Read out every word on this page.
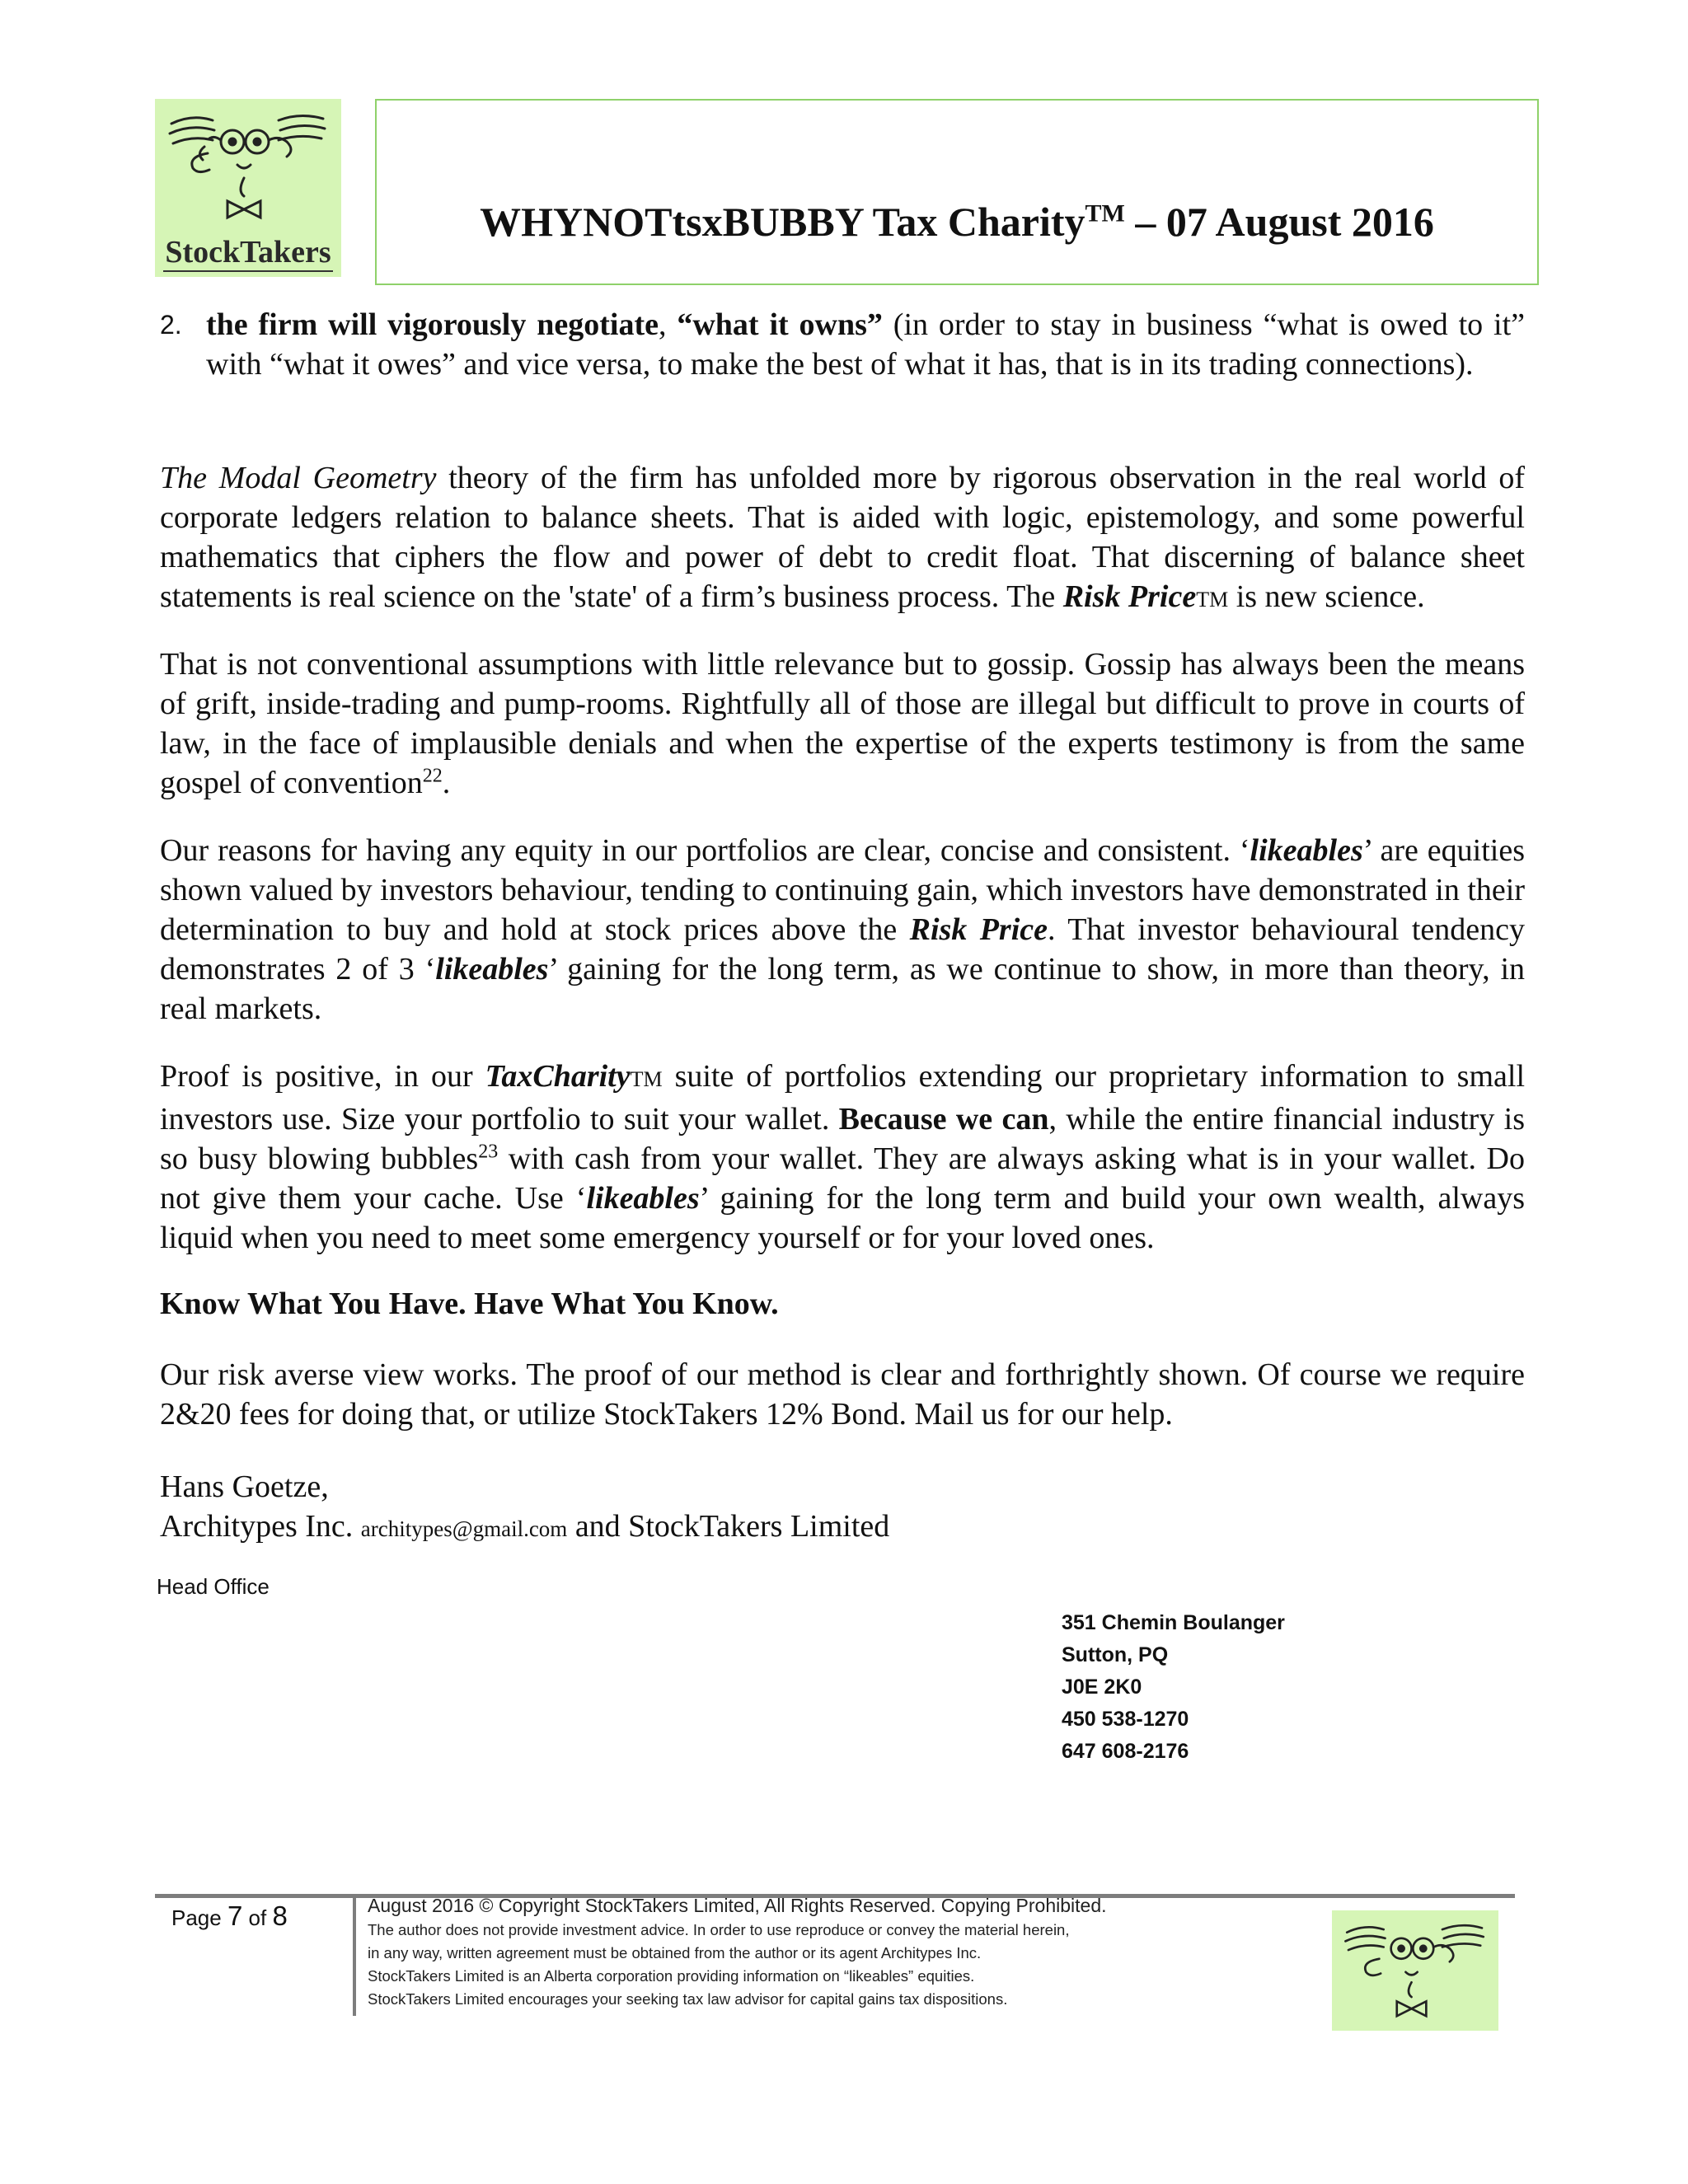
StockTakers
WHYNOTtsxBUBBY Tax Charity™ – 07 August 2016
2. the firm will vigorously negotiate, “what it owns” (in order to stay in business “what is owed to it” with “what it owes” and vice versa, to make the best of what it has, that is in its trading connections).
The Modal Geometry theory of the firm has unfolded more by rigorous observation in the real world of corporate ledgers relation to balance sheets. That is aided with logic, epistemology, and some powerful mathematics that ciphers the flow and power of debt to credit float. That discerning of balance sheet statements is real science on the 'state' of a firm’s business process. The Risk PriceTM is new science.
That is not conventional assumptions with little relevance but to gossip. Gossip has always been the means of grift, inside-trading and pump-rooms. Rightfully all of those are illegal but difficult to prove in courts of law, in the face of implausible denials and when the expertise of the experts testimony is from the same gospel of convention$^{22}$.
Our reasons for having any equity in our portfolios are clear, concise and consistent. ‘likeables’ are equities shown valued by investors behaviour, tending to continuing gain, which investors have demonstrated in their determination to buy and hold at stock prices above the Risk Price. That investor behavioural tendency demonstrates 2 of 3 ‘likeables’ gaining for the long term, as we continue to show, in more than theory, in real markets.
Proof is positive, in our TaxCharityTM suite of portfolios extending our proprietary information to small investors use. Size your portfolio to suit your wallet. Because we can, while the entire financial industry is so busy blowing bubbles$^{23}$ with cash from your wallet. They are always asking what is in your wallet. Do not give them your cache. Use ‘likeables’ gaining for the long term and build your own wealth, always liquid when you need to meet some emergency yourself or for your loved ones.
Know What You Have. Have What You Know.
Our risk averse view works. The proof of our method is clear and forthrightly shown. Of course we require 2&20 fees for doing that, or utilize StockTakers 12% Bond. Mail us for our help.
Hans Goetze,
Architypes Inc. architypes@gmail.com and StockTakers Limited
Head Office
351 Chemin Boulanger
Sutton, PQ
J0E 2K0
450 538-1270
647 608-2176
Page 7 of 8	August 2016 © Copyright StockTakers Limited, All Rights Reserved. Copying Prohibited.
The author does not provide investment advice. In order to use reproduce or convey the material herein,
in any way, written agreement must be obtained from the author or its agent Architypes Inc.
StockTakers Limited is an Alberta corporation providing information on “likeables” equities.
StockTakers Limited encourages your seeking tax law advisor for capital gains tax dispositions.
